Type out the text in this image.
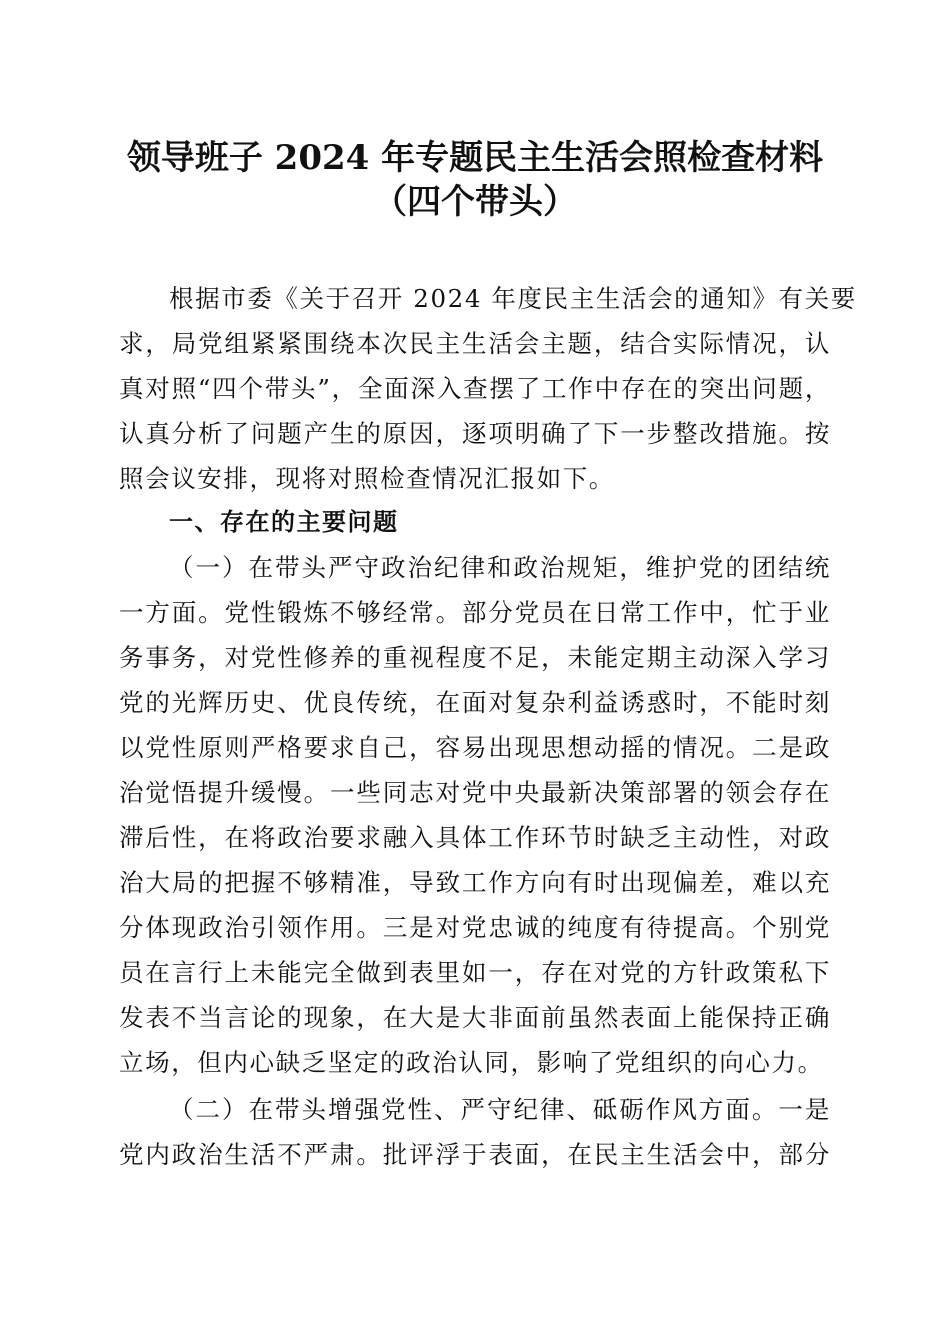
领导班子 2024 年专题民主生活会照检查材料
（四个带头）
根据市委《关于召开 2024 年度民主生活会的通知》有关要
求，局党组紧紧围绕本次民主生活会主题，结合实际情况，认
真对照“四个带头”，全面深入查摆了工作中存在的突出问题，
认真分析了问题产生的原因，逐项明确了下一步整改措施。按
照会议安排，现将对照检查情况汇报如下。
一、存在的主要问题
（一）在带头严守政治纪律和政治规矩，维护党的团结统
一方面。党性锻炼不够经常。部分党员在日常工作中，忙于业
务事务，对党性修养的重视程度不足，未能定期主动深入学习
党的光辉历史、优良传统，在面对复杂利益诱惑时，不能时刻
以党性原则严格要求自己，容易出现思想动摇的情况。二是政
治觉悟提升缓慢。一些同志对党中央最新决策部署的领会存在
滞后性，在将政治要求融入具体工作环节时缺乏主动性，对政
治大局的把握不够精准，导致工作方向有时出现偏差，难以充
分体现政治引领作用。三是对党忠诚的纯度有待提高。个别党
员在言行上未能完全做到表里如一，存在对党的方针政策私下
发表不当言论的现象，在大是大非面前虽然表面上能保持正确
立场，但内心缺乏坚定的政治认同，影响了党组织的向心力。
（二）在带头增强党性、严守纪律、砥砺作风方面。一是
党内政治生活不严肃。批评浮于表面，在民主生活会中，部分
